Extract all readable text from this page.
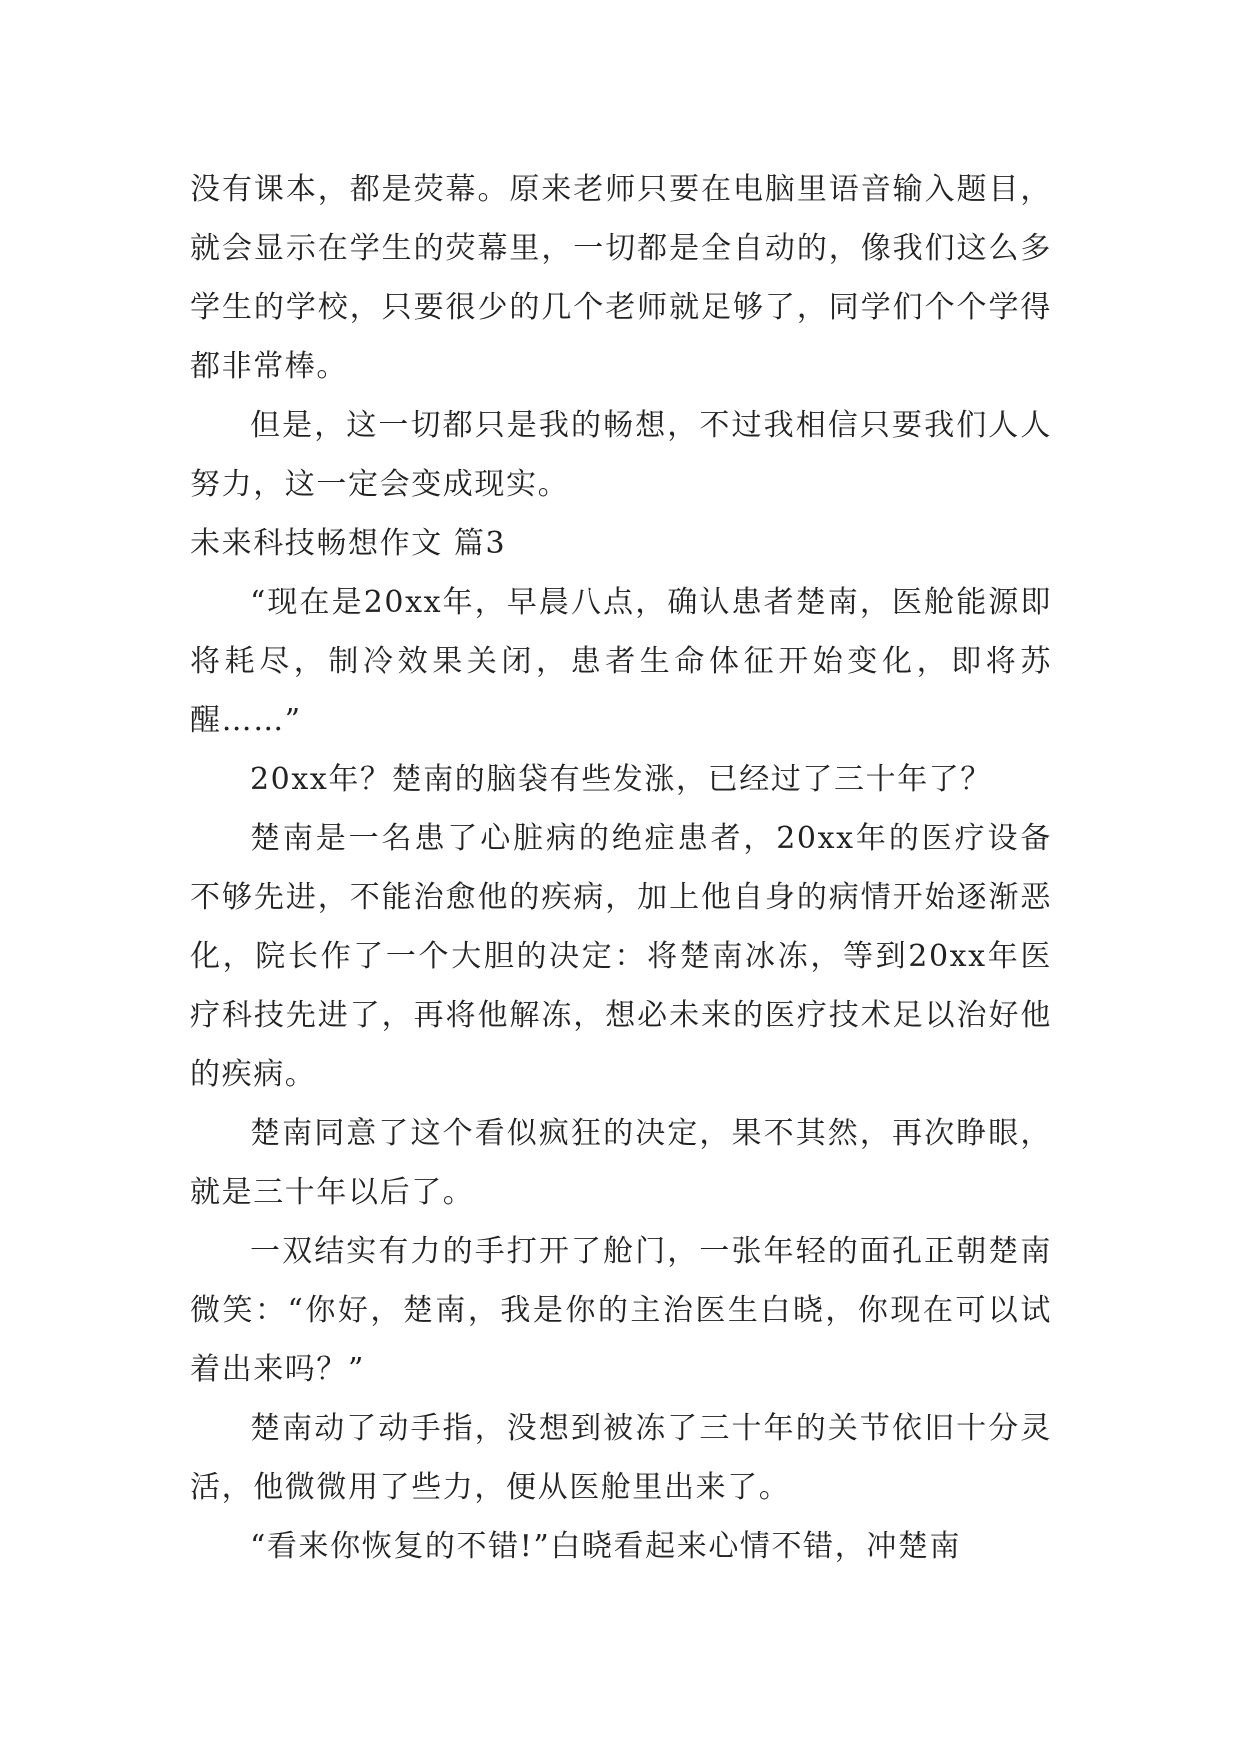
没有课本，都是荧幕。原来老师只要在电脑里语音输入题目，就会显示在学生的荧幕里，一切都是全自动的，像我们这么多学生的学校，只要很少的几个老师就足够了，同学们个个学得都非常棒。

但是，这一切都只是我的畅想，不过我相信只要我们人人努力，这一定会变成现实。

未来科技畅想作文 篇3

“现在是20xx年，早晨八点，确认患者楚南，医舱能源即将耗尽，制冷效果关闭，患者生命体征开始变化，即将苏醒……”

20xx年？楚南的脑袋有些发涨，已经过了三十年了？

楚南是一名患了心脏病的绝症患者，20xx年的医疗设备不够先进，不能治愈他的疾病，加上他自身的病情开始逐渐恶化，院长作了一个大胆的决定：将楚南冰冻，等到20xx年医疗科技先进了，再将他解冻，想必未来的医疗技术足以治好他的疾病。

楚南同意了这个看似疯狂的决定，果不其然，再次睁眼，就是三十年以后了。

一双结实有力的手打开了舱门，一张年轻的面孔正朝楚南微笑：“你好，楚南，我是你的主治医生白晓，你现在可以试着出来吗？”

楚南动了动手指，没想到被冻了三十年的关节依旧十分灵活，他微微用了些力，便从医舱里出来了。

“看来你恢复的不错!”白晓看起来心情不错，冲楚南
